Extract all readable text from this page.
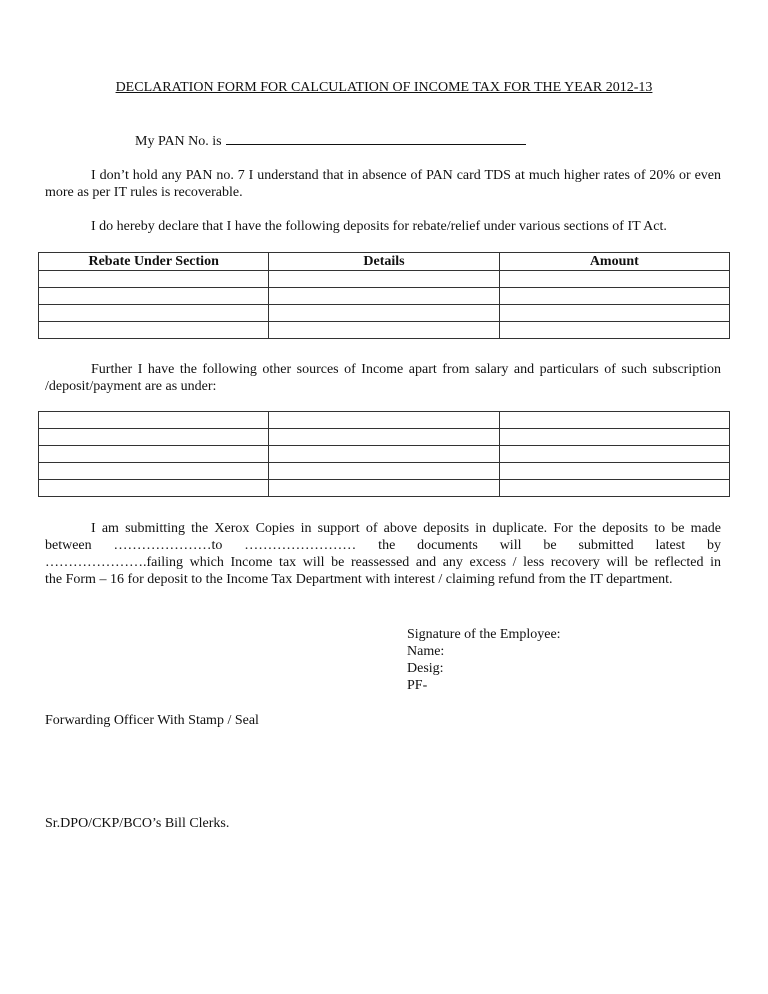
DECLARATION FORM FOR CALCULATION OF INCOME TAX FOR THE YEAR 2012-13
My PAN No. is
I don’t hold any PAN no. 7 I understand that in absence of PAN card TDS at much higher rates of 20% or even more as per IT rules is recoverable.
I do hereby declare that I have the following deposits for rebate/relief under various sections of IT Act.
Rebate Under Section	Details	Amount

Further I have the following other sources of Income apart from salary and particulars of such subscription /deposit/payment are as under:

I am submitting the Xerox Copies in support of above deposits in duplicate. For the deposits to be made
between …………………to …………………… the documents will be submitted latest by
………………….failing which Income tax will be reassessed and any excess / less recovery will be reflected in
the Form – 16 for deposit to the Income Tax Department with interest / claiming refund from the IT department.
Signature of the Employee:
Name:
Desig:
PF-
Forwarding Officer With Stamp / Seal
Sr.DPO/CKP/BCO’s Bill Clerks.
